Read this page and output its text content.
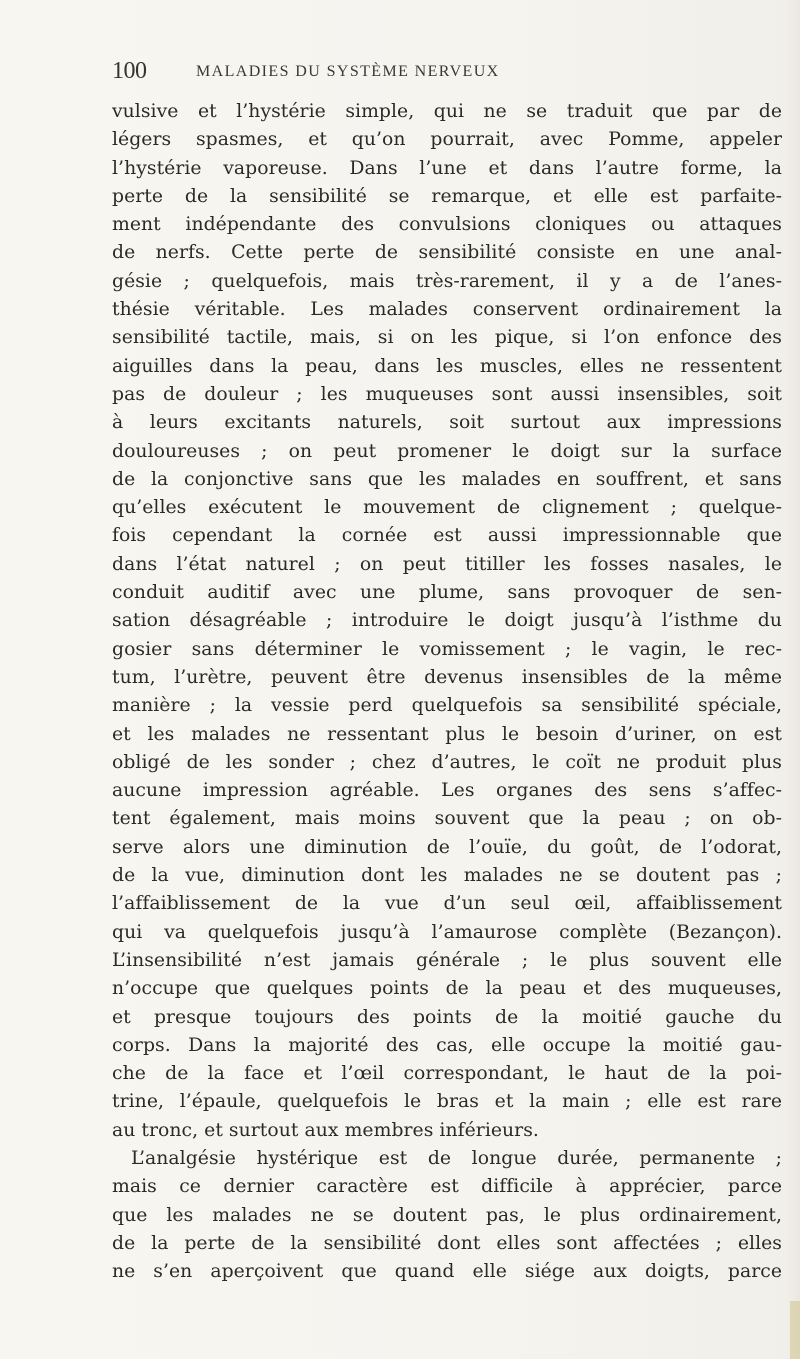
100	MALADIES DU SYSTÈME NERVEUX
vulsive et l’hystérie simple, qui ne se traduit que par de
légers spasmes, et qu’on pourrait, avec Pomme, appeler
l’hystérie vaporeuse. Dans l’une et dans l’autre forme, la
perte de la sensibilité se remarque, et elle est parfaite-
ment indépendante des convulsions cloniques ou attaques
de nerfs. Cette perte de sensibilité consiste en une anal-
gésie ; quelquefois, mais très-rarement, il y a de l’anes-
thésie véritable. Les malades conservent ordinairement la
sensibilité tactile, mais, si on les pique, si l’on enfonce des
aiguilles dans la peau, dans les muscles, elles ne ressentent
pas de douleur ; les muqueuses sont aussi insensibles, soit
à leurs excitants naturels, soit surtout aux impressions
douloureuses ; on peut promener le doigt sur la surface
de la conjonctive sans que les malades en souffrent, et sans
qu’elles exécutent le mouvement de clignement ; quelque-
fois cependant la cornée est aussi impressionnable que
dans l’état naturel ; on peut titiller les fosses nasales, le
conduit auditif avec une plume, sans provoquer de sen-
sation désagréable ; introduire le doigt jusqu’à l’isthme du
gosier sans déterminer le vomissement ; le vagin, le rec-
tum, l’urètre, peuvent être devenus insensibles de la même
manière ; la vessie perd quelquefois sa sensibilité spéciale,
et les malades ne ressentant plus le besoin d’uriner, on est
obligé de les sonder ; chez d’autres, le coït ne produit plus
aucune impression agréable. Les organes des sens s’affec-
tent également, mais moins souvent que la peau ; on ob-
serve alors une diminution de l’ouïe, du goût, de l’odorat,
de la vue, diminution dont les malades ne se doutent pas ;
l’affaiblissement de la vue d’un seul œil, affaiblissement
qui va quelquefois jusqu’à l’amaurose complète (Bezançon).
L’insensibilité n’est jamais générale ; le plus souvent elle
n’occupe que quelques points de la peau et des muqueuses,
et presque toujours des points de la moitié gauche du
corps. Dans la majorité des cas, elle occupe la moitié gau-
che de la face et l’œil correspondant, le haut de la poi-
trine, l’épaule, quelquefois le bras et la main ; elle est rare
au tronc, et surtout aux membres inférieurs.
L’analgésie hystérique est de longue durée, permanente ;
mais ce dernier caractère est difficile à apprécier, parce
que les malades ne se doutent pas, le plus ordinairement,
de la perte de la sensibilité dont elles sont affectées ; elles
ne s’en aperçoivent que quand elle siége aux doigts, parce
